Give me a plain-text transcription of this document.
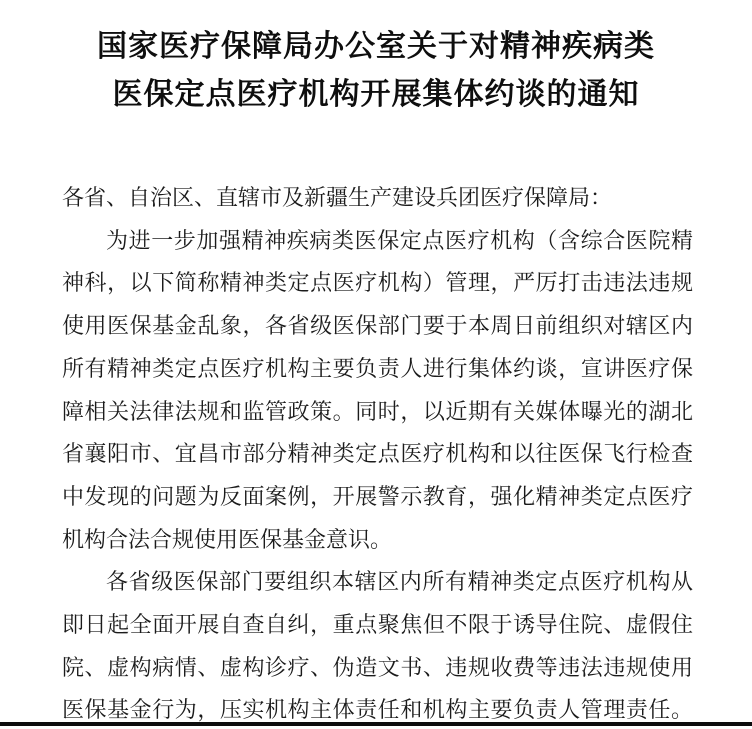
国家医疗保障局办公室关于对精神疾病类
医保定点医疗机构开展集体约谈的通知
各省、自治区、直辖市及新疆生产建设兵团医疗保障局：
为进一步加强精神疾病类医保定点医疗机构（含综合医院精
神科，以下简称精神类定点医疗机构）管理，严厉打击违法违规
使用医保基金乱象，各省级医保部门要于本周日前组织对辖区内
所有精神类定点医疗机构主要负责人进行集体约谈，宣讲医疗保
障相关法律法规和监管政策。同时，以近期有关媒体曝光的湖北
省襄阳市、宜昌市部分精神类定点医疗机构和以往医保飞行检查
中发现的问题为反面案例，开展警示教育，强化精神类定点医疗
机构合法合规使用医保基金意识。
各省级医保部门要组织本辖区内所有精神类定点医疗机构从
即日起全面开展自查自纠，重点聚焦但不限于诱导住院、虚假住
院、虚构病情、虚构诊疗、伪造文书、违规收费等违法违规使用
医保基金行为，压实机构主体责任和机构主要负责人管理责任。
